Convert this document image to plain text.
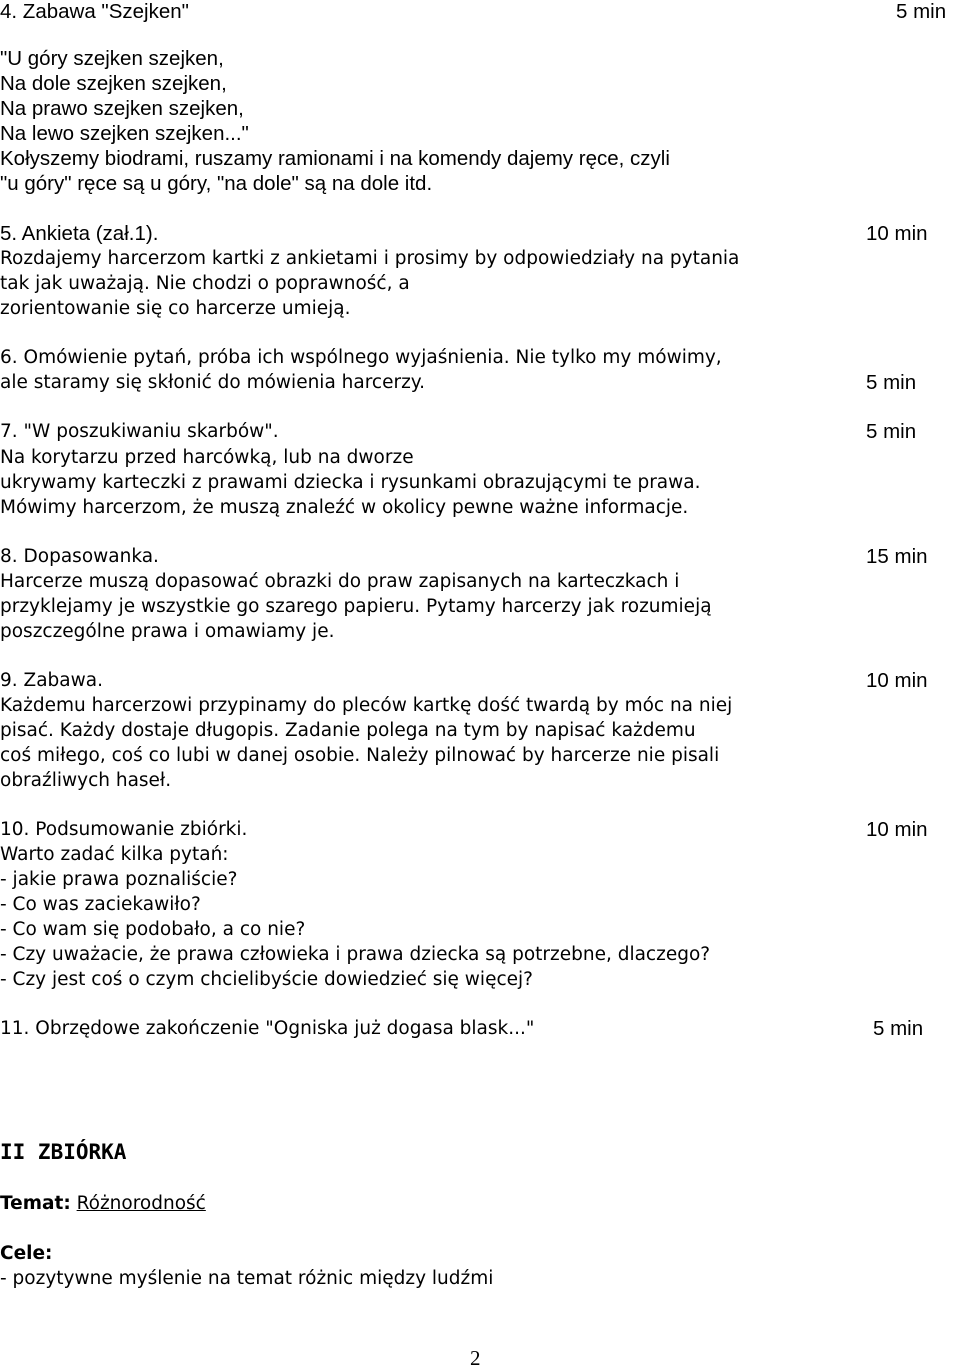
4. Zabawa "Szejken"
"U góry szejken szejken,
Na dole szejken szejken,
Na prawo szejken szejken,
Na lewo szejken szejken..."
Kołyszemy biodrami, ruszamy ramionami i na komendy dajemy ręce, czyli
"u góry" ręce są u góry, "na dole" są na dole itd.
5 min
5. Ankieta (zał.1).
Rozdajemy harcerzom kartki z ankietami i prosimy by odpowiedziały na pytania
tak jak uważają. Nie chodzi o poprawność, a
zorientowanie się co harcerze umieją.
10 min
6. Omówienie pytań, próba ich wspólnego wyjaśnienia. Nie tylko my mówimy,
ale staramy się skłonić do mówienia harcerzy.	5 min
7. "W poszukiwaniu skarbów".
Na korytarzu przed harcówką, lub na dworze
ukrywamy karteczki z prawami dziecka i rysunkami obrazującymi te prawa.
Mówimy harcerzom, że muszą znaleźć w okolicy pewne ważne informacje.
5 min
8. Dopasowanka.
Harcerze muszą dopasować obrazki do praw zapisanych na karteczkach i
przyklejamy je wszystkie go szarego papieru. Pytamy harcerzy jak rozumieją
poszczególne prawa i omawiamy je.
15 min
9. Zabawa.
Każdemu harcerzowi przypinamy do pleców kartkę dość twardą by móc na niej
pisać. Każdy dostaje długopis. Zadanie polega na tym by napisać każdemu
coś miłego, coś co lubi w danej osobie. Należy pilnować by harcerze nie pisali
obraźliwych haseł.
10 min
10. Podsumowanie zbiórki.
Warto zadać kilka pytań:
- jakie prawa poznaliście?
- Co was zaciekawiło?
- Co wam się podobało, a co nie?
- Czy uważacie, że prawa człowieka i prawa dziecka są potrzebne, dlaczego?
- Czy jest coś o czym chcielibyście dowiedzieć się więcej?
10 min
11. Obrzędowe zakończenie "Ogniska już dogasa blask..."	5 min
II ZBIÓRKA
Temat: Różnorodność
Cele:
- pozytywne myślenie na temat różnic między ludźmi
2
